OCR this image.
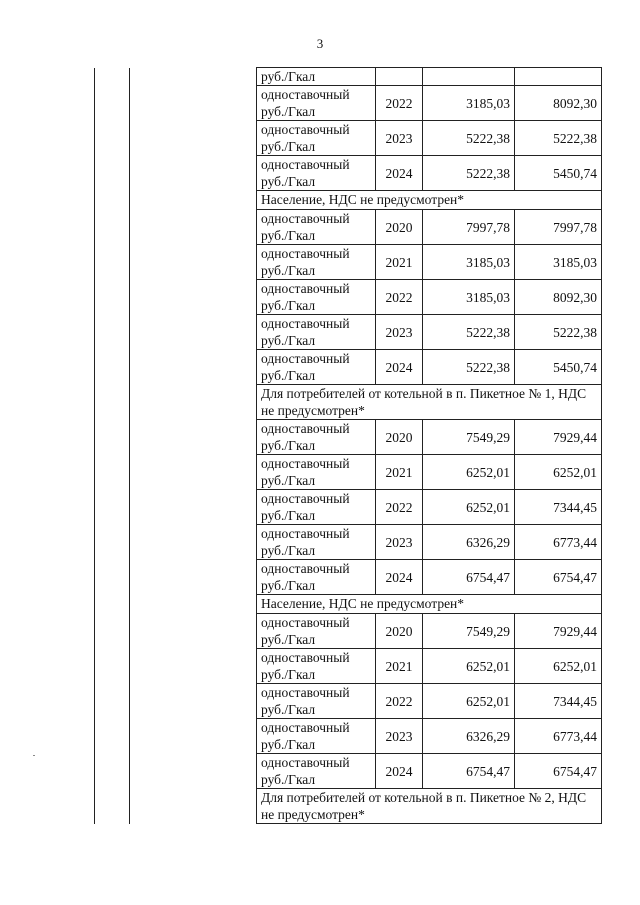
3
		руб./Гкал			

		одноставочный
руб./Гкал	2022	3185,03	8092,30

		одноставочный
руб./Гкал	2023	5222,38	5222,38

		одноставочный
руб./Гкал	2024	5222,38	5450,74
		Население, НДС не предусмотрен*			

		одноставочный
руб./Гкал	2020	7997,78	7997,78

		одноставочный
руб./Гкал	2021	3185,03	3185,03

		одноставочный
руб./Гкал	2022	3185,03	8092,30

		одноставочный
руб./Гкал	2023	5222,38	5222,38

		одноставочный
руб./Гкал	2024	5222,38	5450,74
		Для потребителей от котельной в п. Пикетное № 1, НДС не предусмотрен*			

		одноставочный
руб./Гкал	2020	7549,29	7929,44

		одноставочный
руб./Гкал	2021	6252,01	6252,01

		одноставочный
руб./Гкал	2022	6252,01	7344,45

		одноставочный
руб./Гкал	2023	6326,29	6773,44

		одноставочный
руб./Гкал	2024	6754,47	6754,47
		Население, НДС не предусмотрен*			

		одноставочный
руб./Гкал	2020	7549,29	7929,44

		одноставочный
руб./Гкал	2021	6252,01	6252,01

		одноставочный
руб./Гкал	2022	6252,01	7344,45

		одноставочный
руб./Гкал	2023	6326,29	6773,44

		одноставочный
руб./Гкал	2024	6754,47	6754,47
		Для потребителей от котельной в п. Пикетное № 2, НДС не предусмотрен*			
